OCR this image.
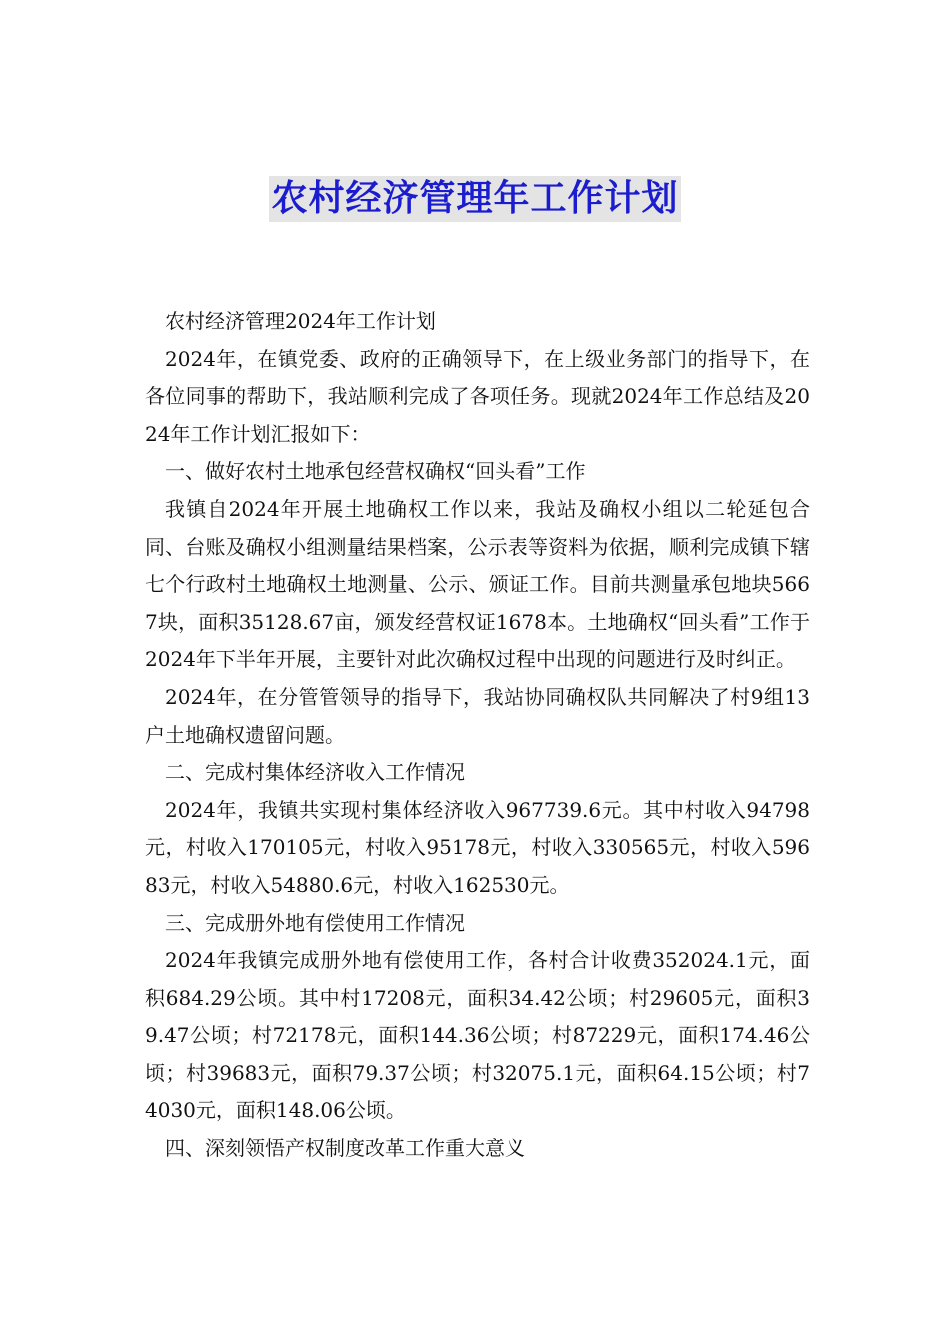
农村经济管理年工作计划

农村经济管理2024年工作计划

2024年，在镇党委、政府的正确领导下，在上级业务部门的指导下，在各位同事的帮助下，我站顺利完成了各项任务。现就2024年工作总结及2024年工作计划汇报如下：

一、做好农村土地承包经营权确权“回头看”工作

我镇自2024年开展土地确权工作以来，我站及确权小组以二轮延包合同、台账及确权小组测量结果档案，公示表等资料为依据，顺利完成镇下辖七个行政村土地确权土地测量、公示、颁证工作。目前共测量承包地块5667块，面积35128.67亩，颁发经营权证1678本。土地确权“回头看”工作于2024年下半年开展，主要针对此次确权过程中出现的问题进行及时纠正。

2024年，在分管管领导的指导下，我站协同确权队共同解决了村9组13户土地确权遗留问题。

二、完成村集体经济收入工作情况

2024年，我镇共实现村集体经济收入967739.6元。其中村收入94798元，村收入170105元，村收入95178元，村收入330565元，村收入59683元，村收入54880.6元，村收入162530元。

三、完成册外地有偿使用工作情况

2024年我镇完成册外地有偿使用工作，各村合计收费352024.1元，面积684.29公顷。其中村17208元，面积34.42公顷；村29605元，面积39.47公顷；村72178元，面积144.36公顷；村87229元，面积174.46公顷；村39683元，面积79.37公顷；村32075.1元，面积64.15公顷；村74030元，面积148.06公顷。

四、深刻领悟产权制度改革工作重大意义
